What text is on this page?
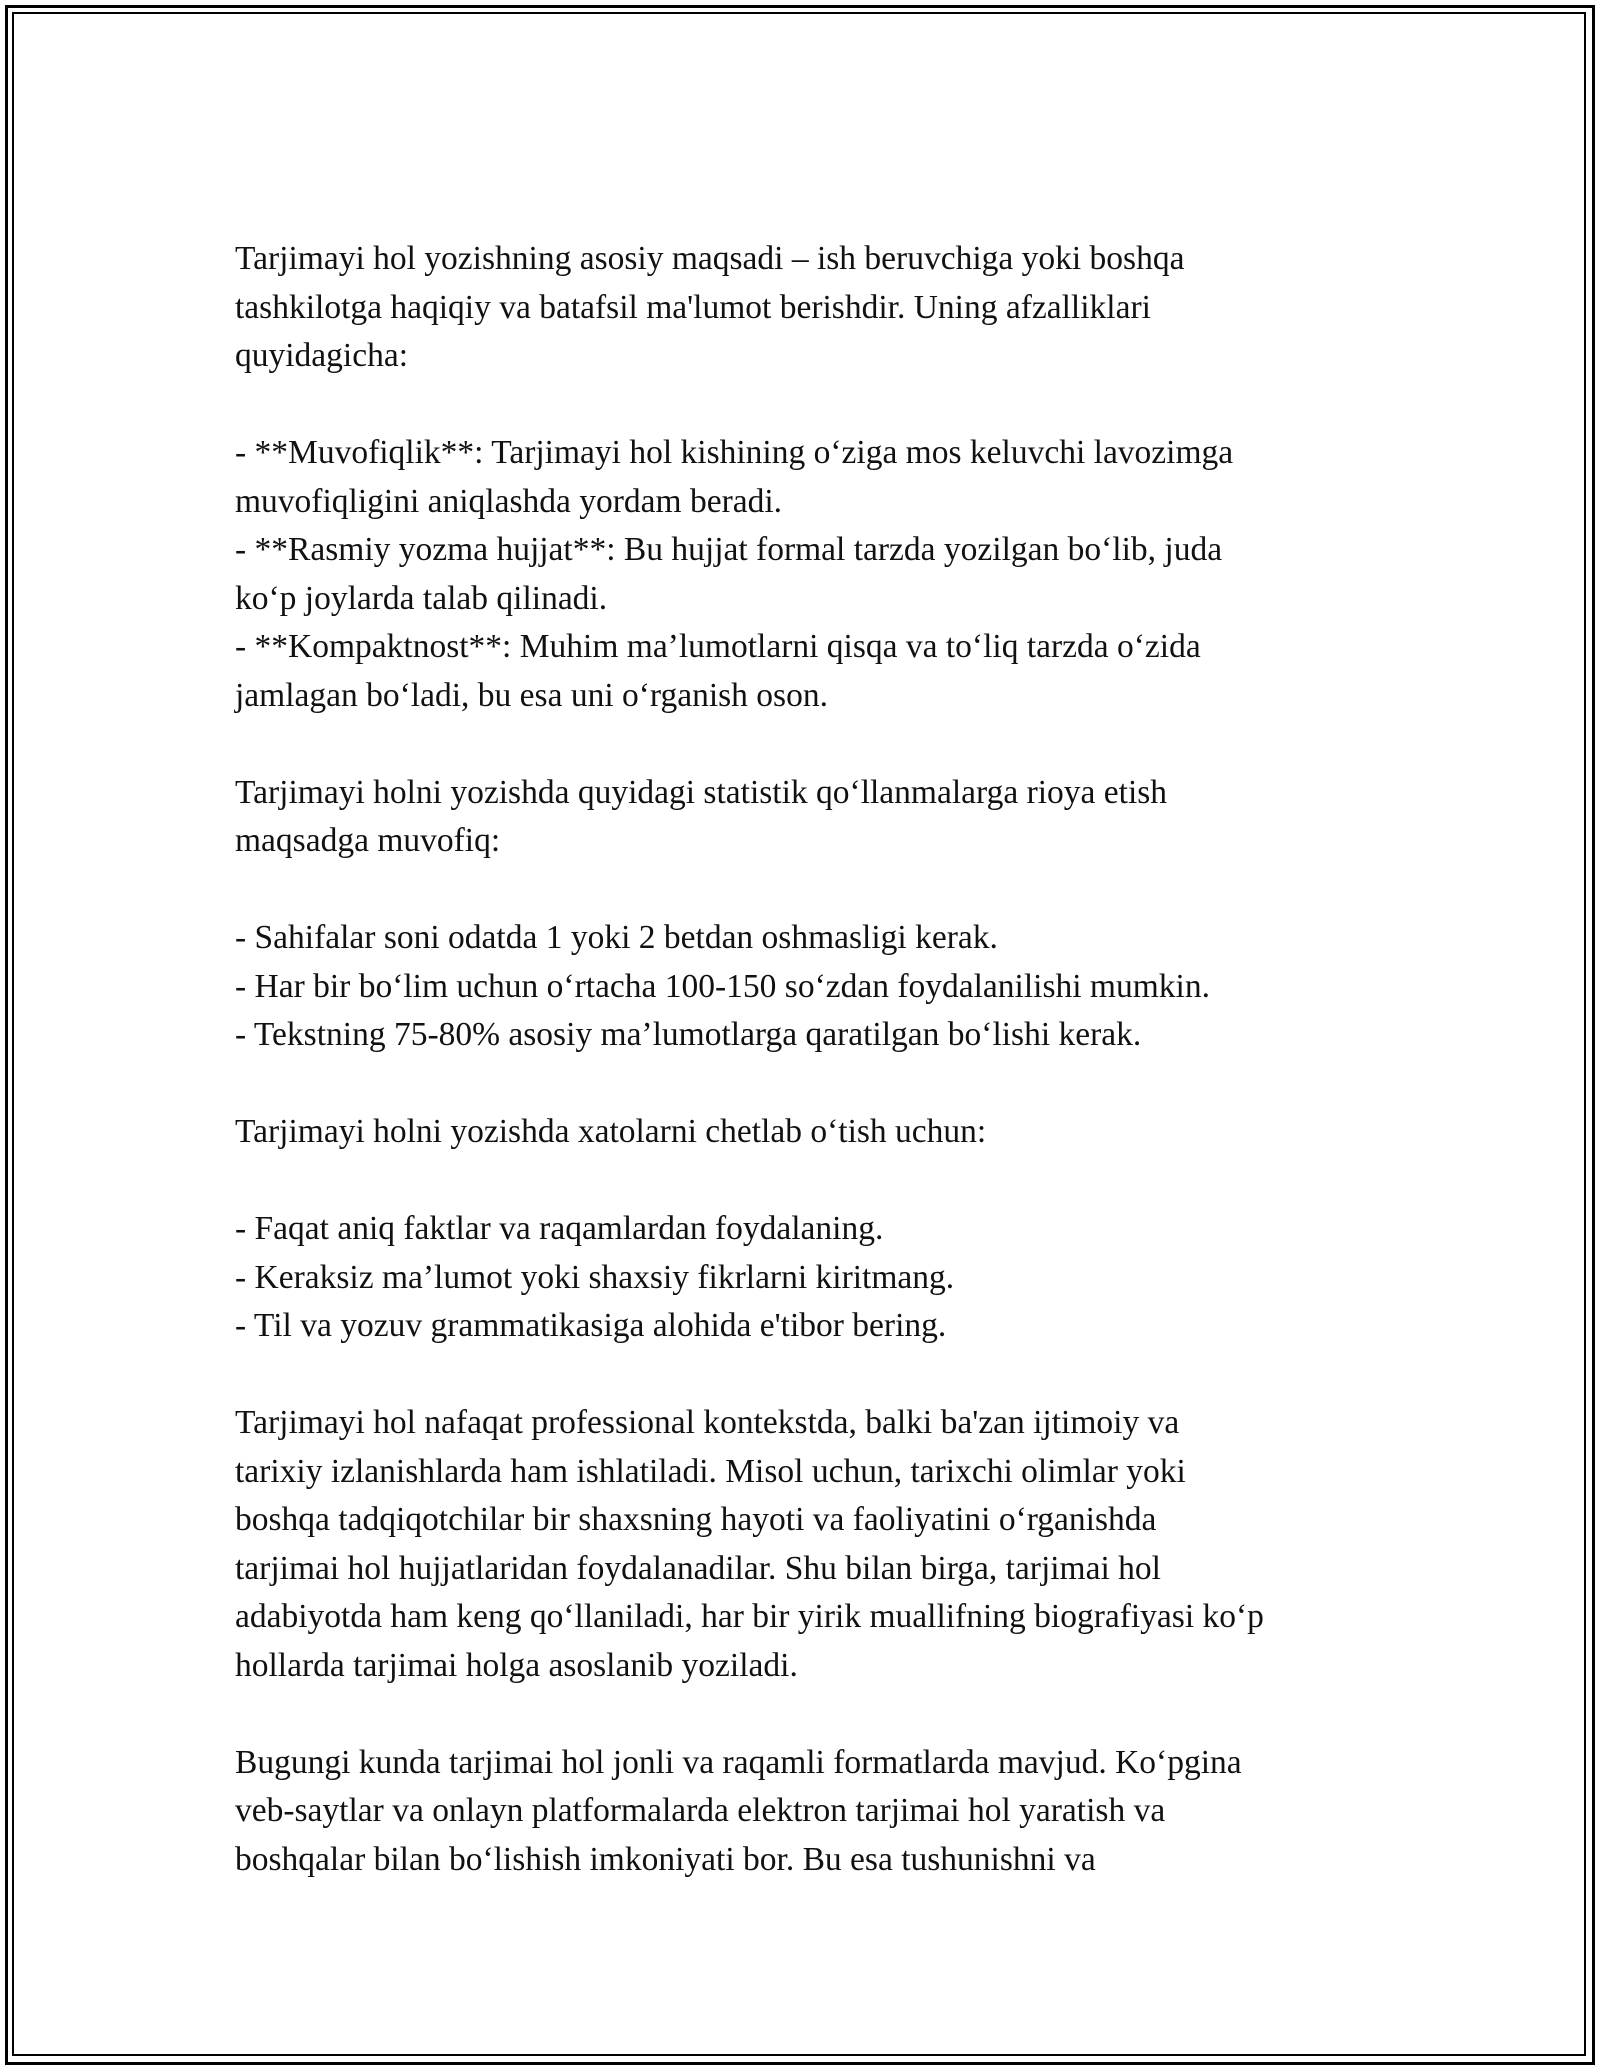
Tarjimayi hol yozishning asosiy maqsadi – ish beruvchiga yoki boshqa
tashkilotga haqiqiy va batafsil ma'lumot berishdir. Uning afzalliklari
quyidagicha:
- **Muvofiqlik**: Tarjimayi hol kishining oʻziga mos keluvchi lavozimga
muvofiqligini aniqlashda yordam beradi.
- **Rasmiy yozma hujjat**: Bu hujjat formal tarzda yozilgan boʻlib, juda
koʻp joylarda talab qilinadi.
- **Kompaktnost**: Muhim ma’lumotlarni qisqa va toʻliq tarzda oʻzida
jamlagan boʻladi, bu esa uni oʻrganish oson.
Tarjimayi holni yozishda quyidagi statistik qoʻllanmalarga rioya etish
maqsadga muvofiq:
- Sahifalar soni odatda 1 yoki 2 betdan oshmasligi kerak.
- Har bir boʻlim uchun oʻrtacha 100-150 soʻzdan foydalanilishi mumkin.
- Tekstning 75-80% asosiy ma’lumotlarga qaratilgan boʻlishi kerak.
Tarjimayi holni yozishda xatolarni chetlab oʻtish uchun:
- Faqat aniq faktlar va raqamlardan foydalaning.
- Keraksiz ma’lumot yoki shaxsiy fikrlarni kiritmang.
- Til va yozuv grammatikasiga alohida e'tibor bering.
Tarjimayi hol nafaqat professional kontekstda, balki ba'zan ijtimoiy va
tarixiy izlanishlarda ham ishlatiladi. Misol uchun, tarixchi olimlar yoki
boshqa tadqiqotchilar bir shaxsning hayoti va faoliyatini oʻrganishda
tarjimai hol hujjatlaridan foydalanadilar. Shu bilan birga, tarjimai hol
adabiyotda ham keng qoʻllaniladi, har bir yirik muallifning biografiyasi koʻp
hollarda tarjimai holga asoslanib yoziladi.
Bugungi kunda tarjimai hol jonli va raqamli formatlarda mavjud. Koʻpgina
veb-saytlar va onlayn platformalarda elektron tarjimai hol yaratish va
boshqalar bilan boʻlishish imkoniyati bor. Bu esa tushunishni va
